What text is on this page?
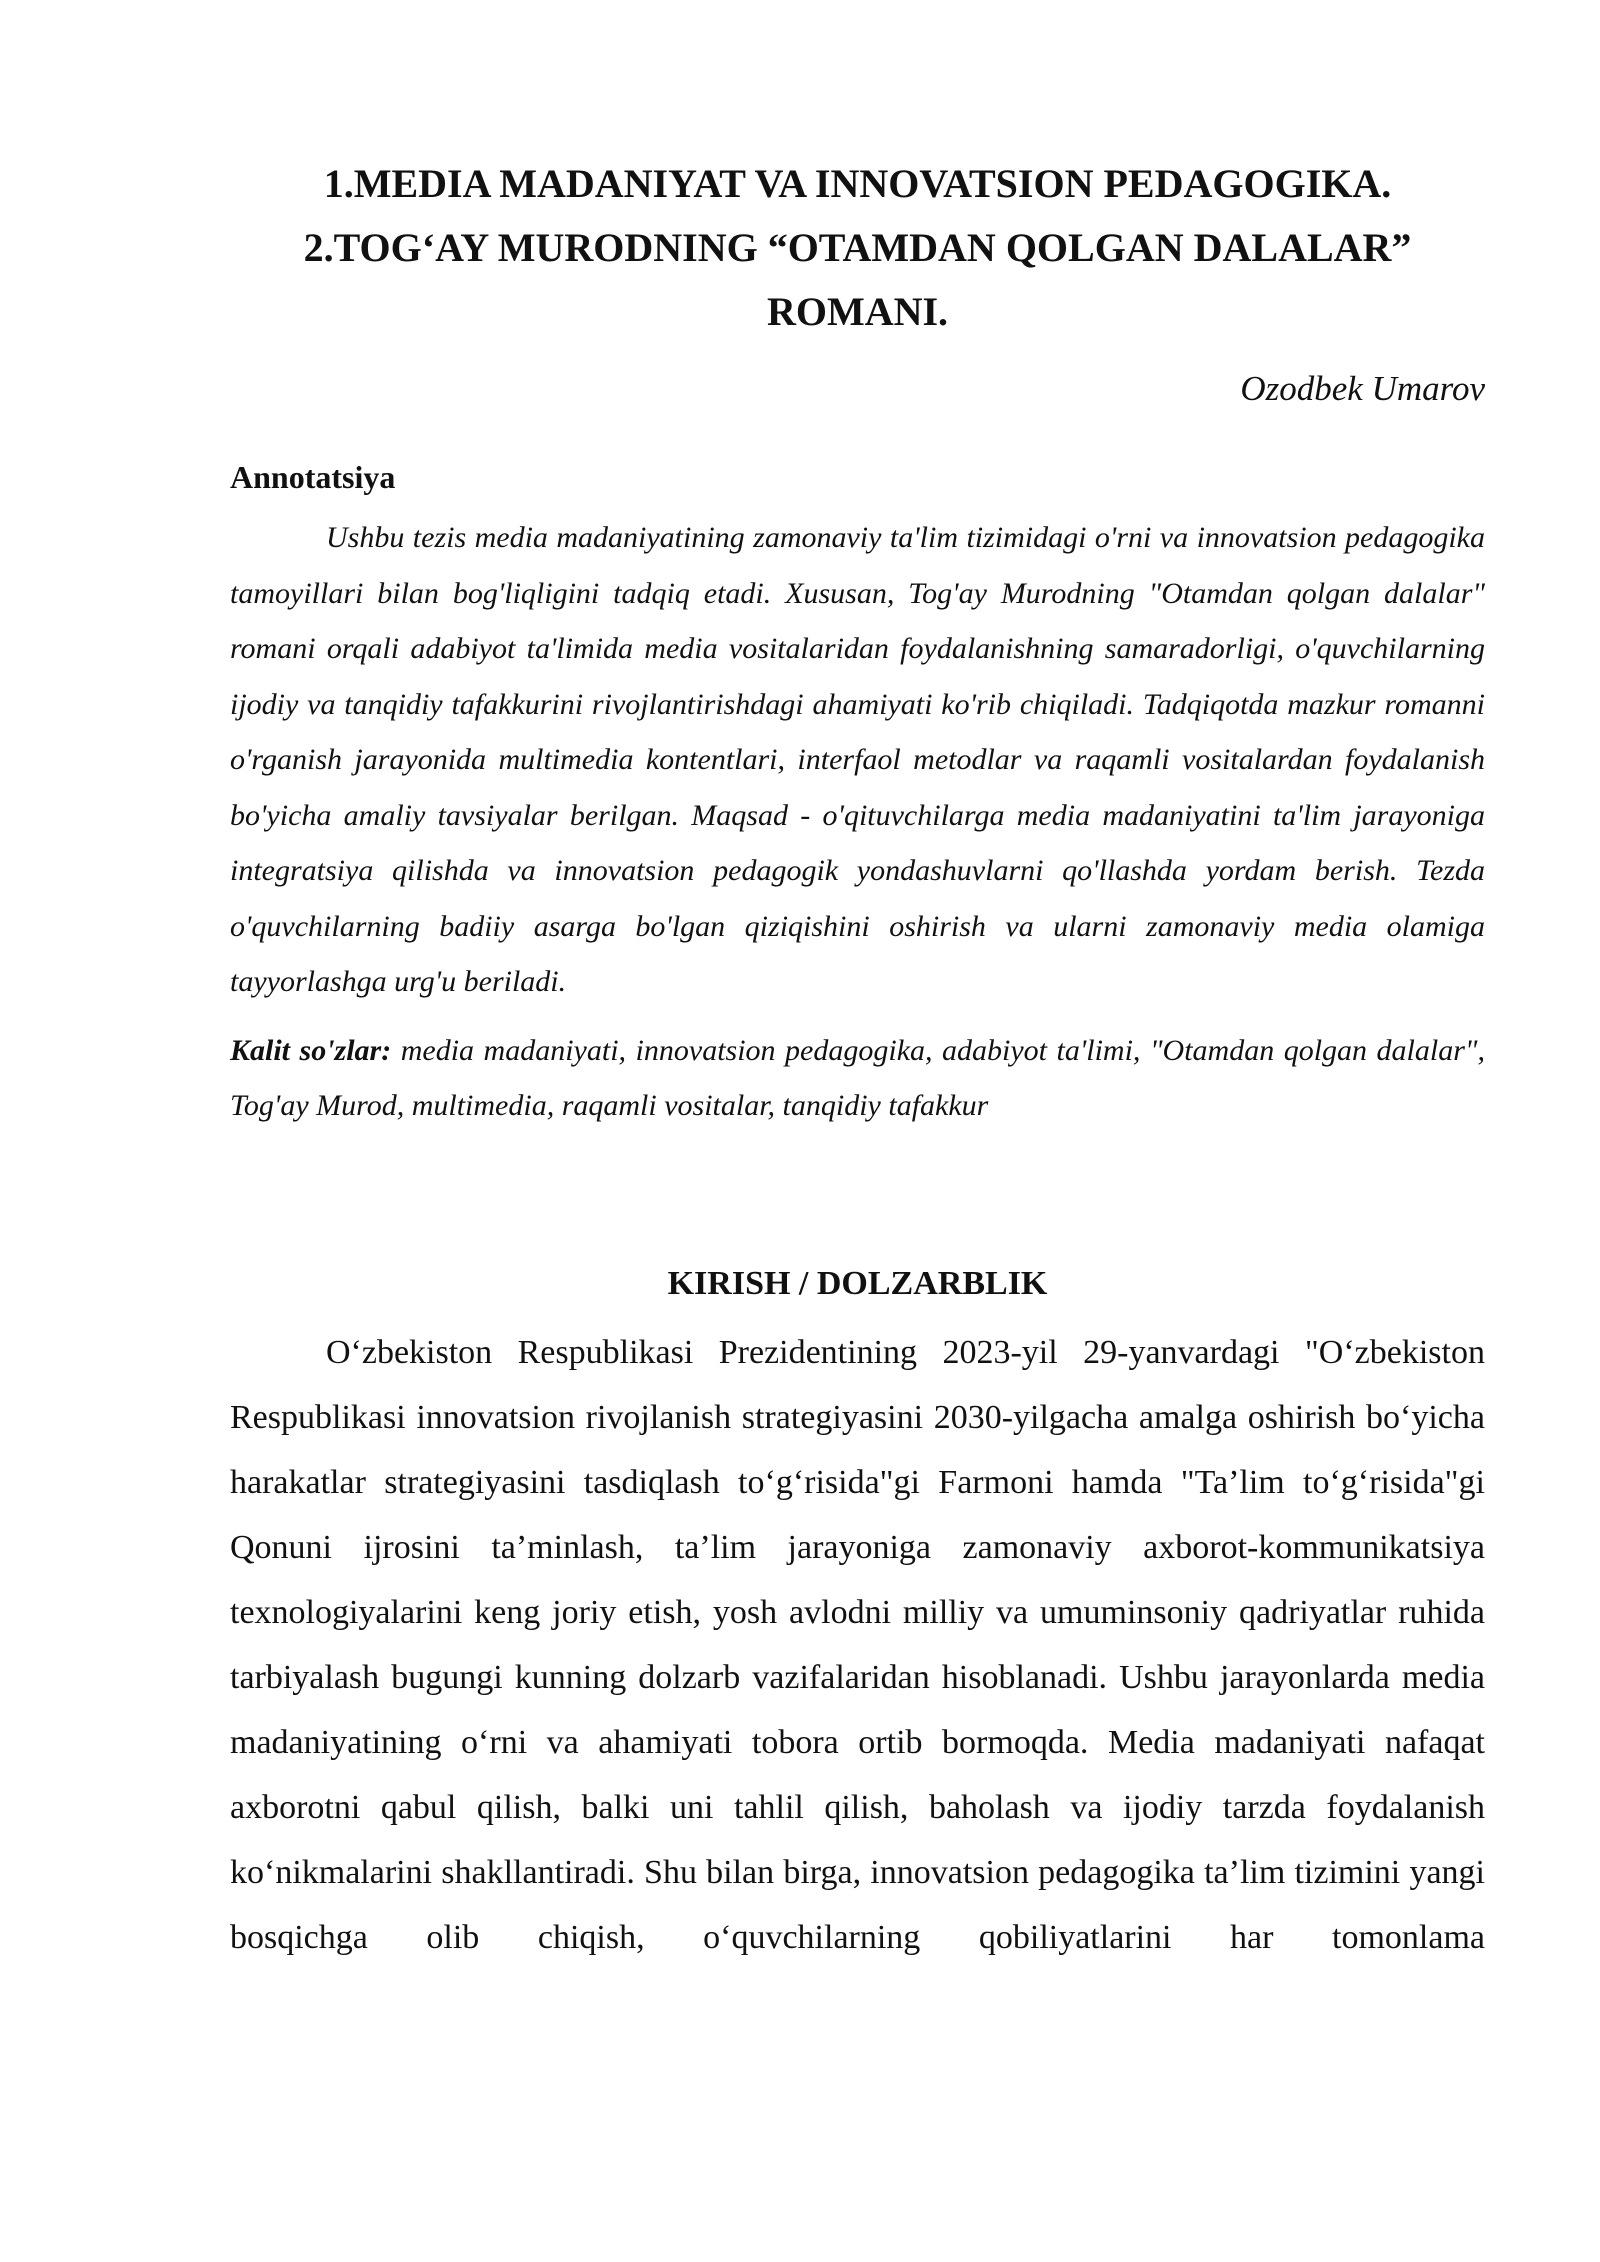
1.MEDIA MADANIYAT VA INNOVATSION PEDAGOGIKA.
2.TOG‘AY MURODNING “OTAMDAN QOLGAN DALALAR”
ROMANI.
Ozodbek Umarov
Annotatsiya

Ushbu tezis media madaniyatining zamonaviy ta'lim tizimidagi o'rni va innovatsion pedagogika tamoyillari bilan bog'liqligini tadqiq etadi. Xususan, Tog'ay Murodning "Otamdan qolgan dalalar" romani orqali adabiyot ta'limida media vositalaridan foydalanishning samaradorligi, o'quvchilarning ijodiy va tanqidiy tafakkurini rivojlantirishdagi ahamiyati ko'rib chiqiladi. Tadqiqotda mazkur romanni o'rganish jarayonida multimedia kontentlari, interfaol metodlar va raqamli vositalardan foydalanish bo'yicha amaliy tavsiyalar berilgan. Maqsad - o'qituvchilarga media madaniyatini ta'lim jarayoniga integratsiya qilishda va innovatsion pedagogik yondashuvlarni qo'llashda yordam berish. Tezda o'quvchilarning badiiy asarga bo'lgan qiziqishini oshirish va ularni zamonaviy media olamiga tayyorlashga urg'u beriladi.

Kalit so'zlar: media madaniyati, innovatsion pedagogika, adabiyot ta'limi, "Otamdan qolgan dalalar", Tog'ay Murod, multimedia, raqamli vositalar, tanqidiy tafakkur

KIRISH / DOLZARBLIK

O‘zbekiston Respublikasi Prezidentining 2023-yil 29-yanvardagi "O‘zbekiston Respublikasi innovatsion rivojlanish strategiyasini 2030-yilgacha amalga oshirish bo‘yicha harakatlar strategiyasini tasdiqlash to‘g‘risida"gi Farmoni hamda "Ta’lim to‘g‘risida"gi Qonuni ijrosini ta’minlash, ta’lim jarayoniga zamonaviy axborot-kommunikatsiya texnologiyalarini keng joriy etish, yosh avlodni milliy va umuminsoniy qadriyatlar ruhida tarbiyalash bugungi kunning dolzarb vazifalaridan hisoblanadi. Ushbu jarayonlarda media madaniyatining o‘rni va ahamiyati tobora ortib bormoqda. Media madaniyati nafaqat axborotni qabul qilish, balki uni tahlil qilish, baholash va ijodiy tarzda foydalanish ko‘nikmalarini shakllantiradi. Shu bilan birga, innovatsion pedagogika ta’lim tizimini yangi bosqichga olib chiqish, o‘quvchilarning qobiliyatlarini har tomonlama
